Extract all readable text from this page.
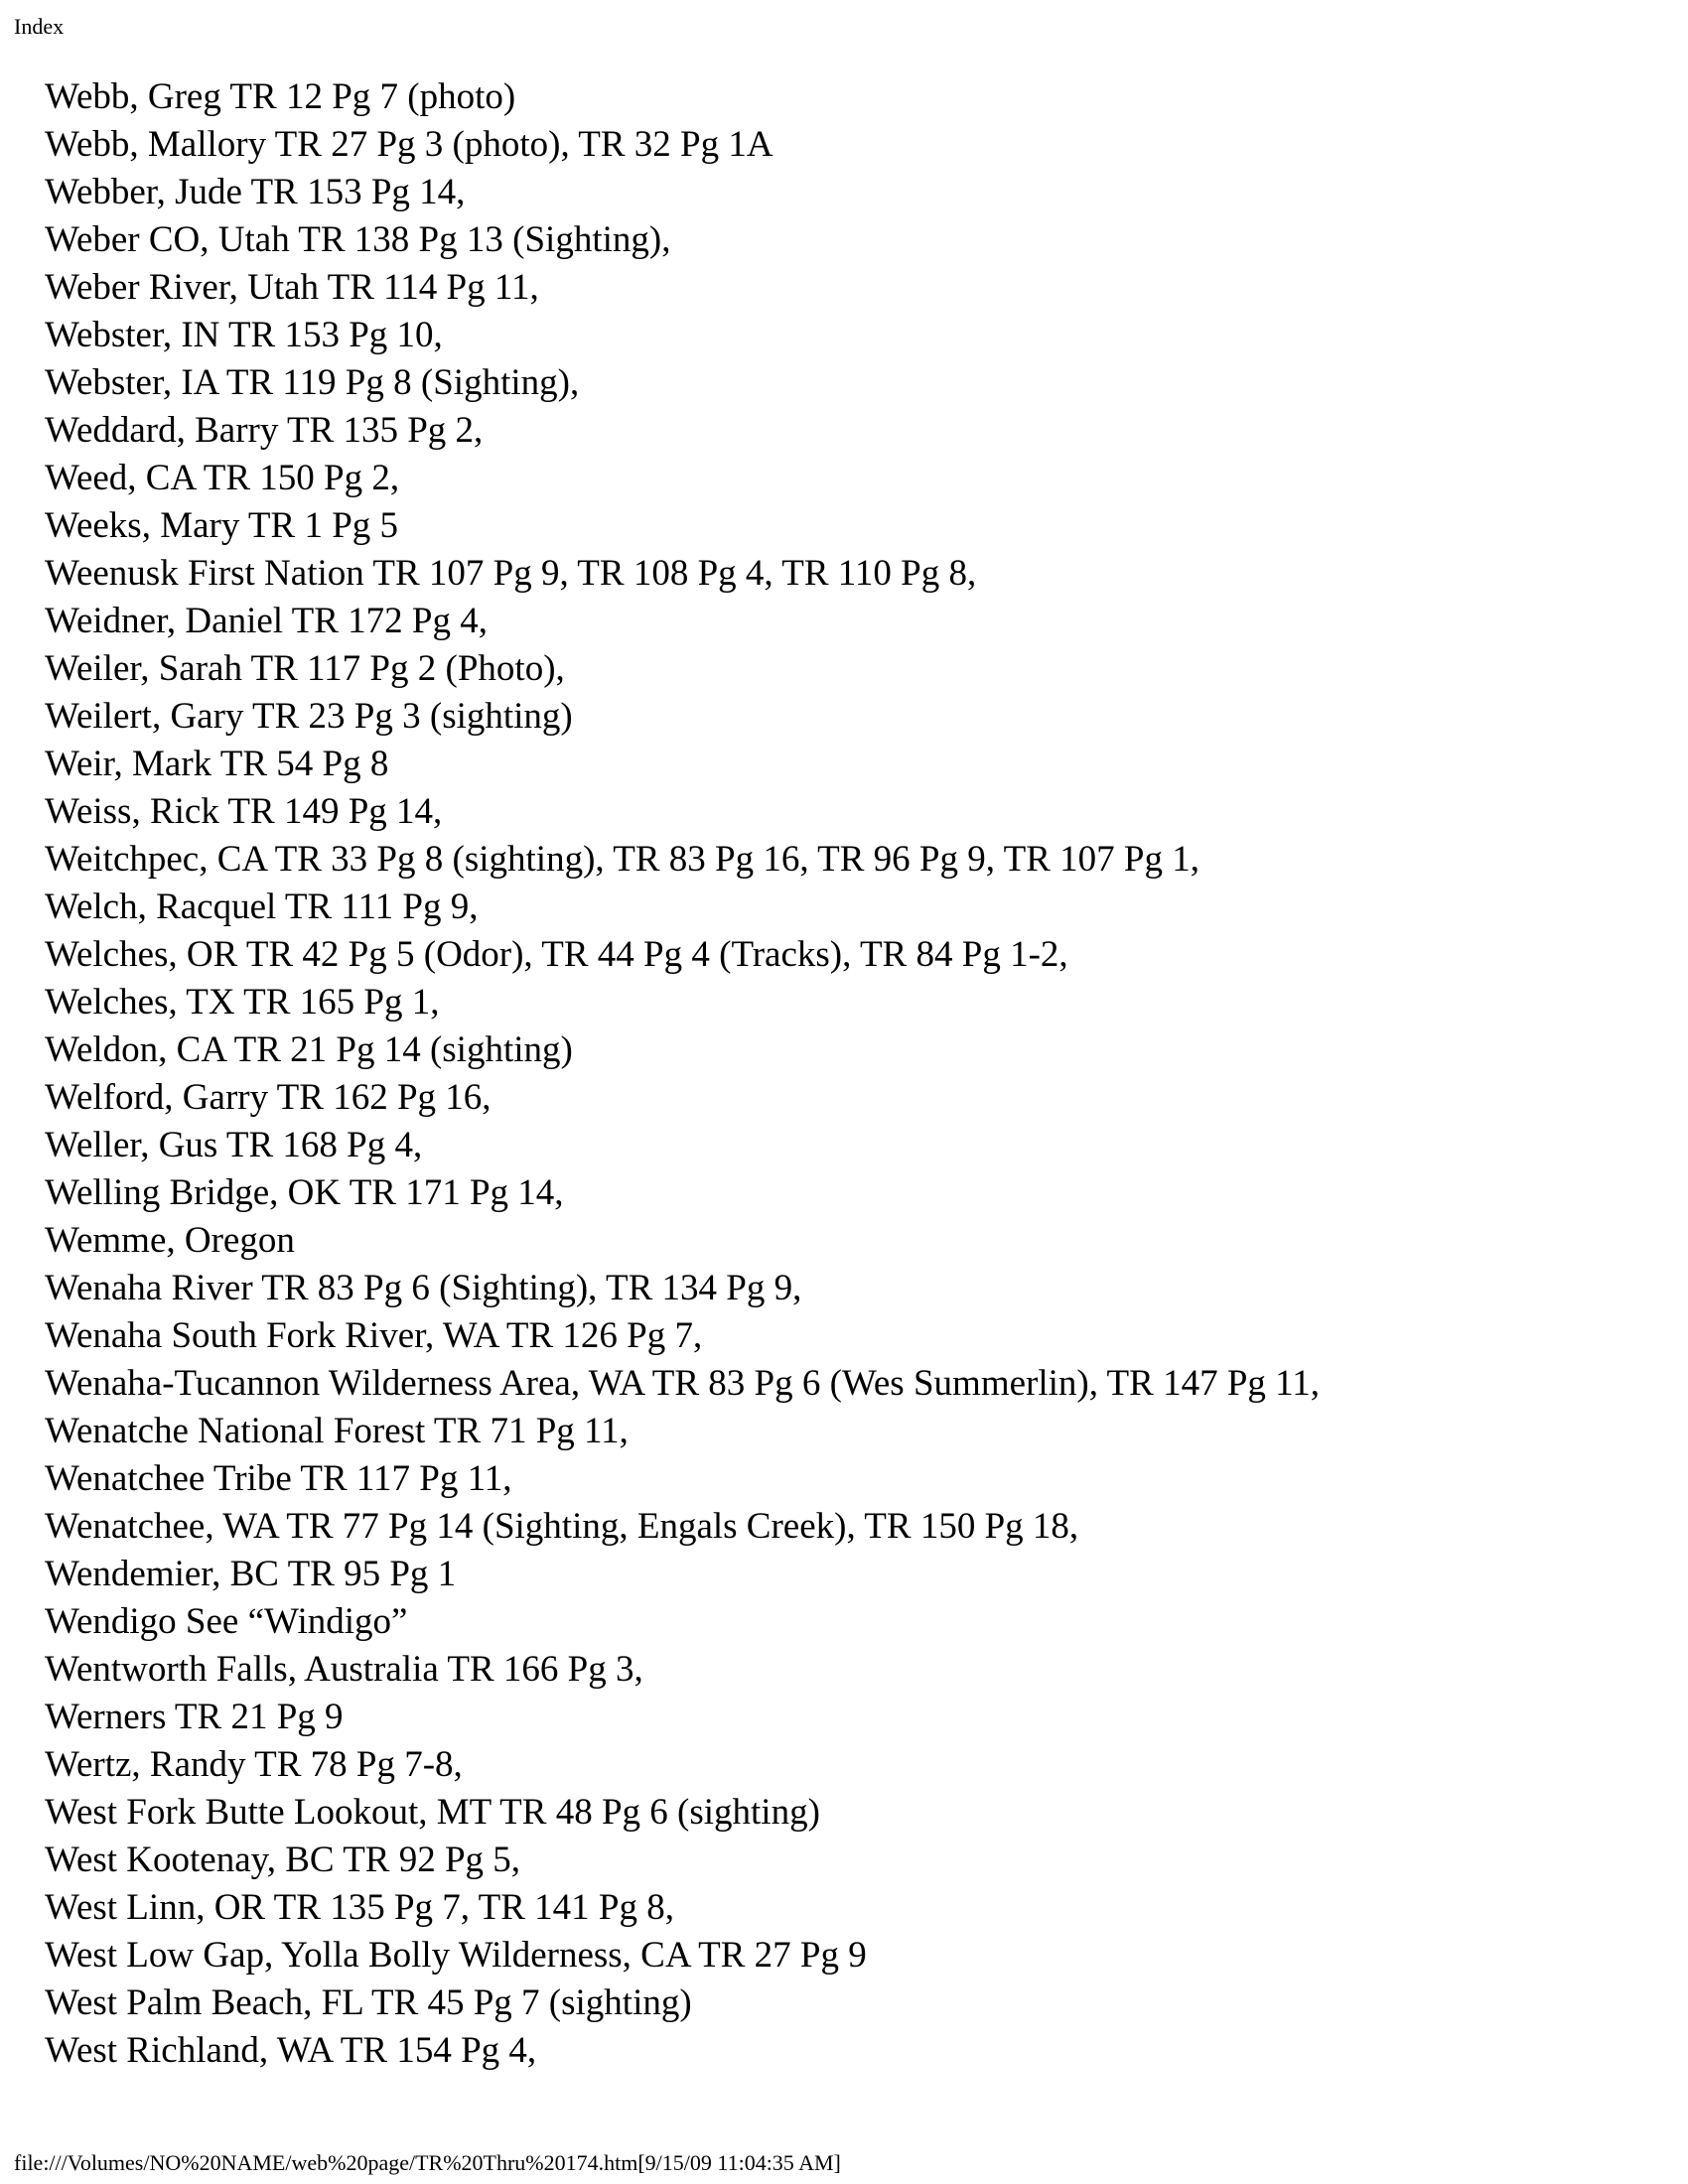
Index
Webb, Greg TR 12 Pg 7 (photo)
Webb, Mallory TR 27 Pg 3 (photo), TR 32 Pg 1A
Webber, Jude TR 153 Pg 14,
Weber CO, Utah TR 138 Pg 13 (Sighting),
Weber River, Utah TR 114 Pg 11,
Webster, IN TR 153 Pg 10,
Webster, IA TR 119 Pg 8 (Sighting),
Weddard, Barry TR 135 Pg 2,
Weed, CA TR 150 Pg 2,
Weeks, Mary TR 1 Pg 5
Weenusk First Nation TR 107 Pg 9, TR 108 Pg 4, TR 110 Pg 8,
Weidner, Daniel TR 172 Pg 4,
Weiler, Sarah TR 117 Pg 2 (Photo),
Weilert, Gary TR 23 Pg 3 (sighting)
Weir, Mark TR 54 Pg 8
Weiss, Rick TR 149 Pg 14,
Weitchpec, CA TR 33 Pg 8 (sighting), TR 83 Pg 16, TR 96 Pg 9, TR 107 Pg 1,
Welch, Racquel TR 111 Pg 9,
Welches, OR TR 42 Pg 5 (Odor), TR 44 Pg 4 (Tracks), TR 84 Pg 1-2,
Welches, TX TR 165 Pg 1,
Weldon, CA TR 21 Pg 14 (sighting)
Welford, Garry TR 162 Pg 16,
Weller, Gus TR 168 Pg 4,
Welling Bridge, OK TR 171 Pg 14,
Wemme, Oregon
Wenaha River TR 83 Pg 6 (Sighting), TR 134 Pg 9,
Wenaha South Fork River, WA TR 126 Pg 7,
Wenaha-Tucannon Wilderness Area, WA TR 83 Pg 6 (Wes Summerlin), TR 147 Pg 11,
Wenatche National Forest TR 71 Pg 11,
Wenatchee Tribe TR 117 Pg 11,
Wenatchee, WA TR 77 Pg 14 (Sighting, Engals Creek), TR 150 Pg 18,
Wendemier, BC TR 95 Pg 1
Wendigo See “Windigo”
Wentworth Falls, Australia TR 166 Pg 3,
Werners TR 21 Pg 9
Wertz, Randy TR 78 Pg 7-8,
West Fork Butte Lookout, MT TR 48 Pg 6 (sighting)
West Kootenay, BC TR 92 Pg 5,
West Linn, OR TR 135 Pg 7, TR 141 Pg 8,
West Low Gap, Yolla Bolly Wilderness, CA TR 27 Pg 9
West Palm Beach, FL TR 45 Pg 7 (sighting)
West Richland, WA TR 154 Pg 4,
file:///Volumes/NO%20NAME/web%20page/TR%20Thru%20174.htm[9/15/09 11:04:35 AM]
